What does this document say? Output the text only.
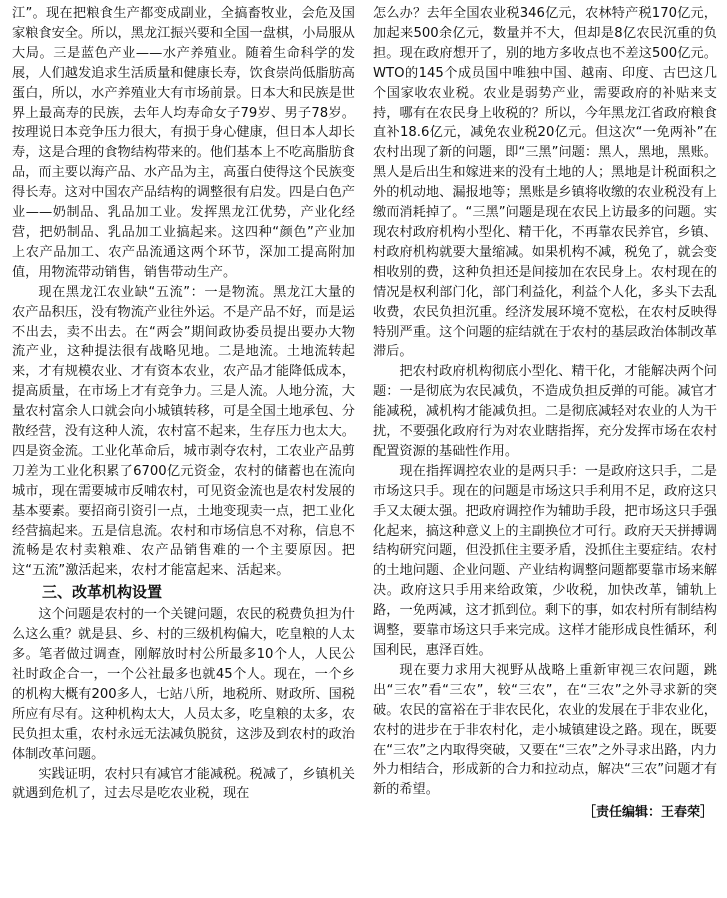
江”。现在把粮食生产都变成副业，全搞畜牧业，会危及国家粮食安全。所以，黑龙江振兴要和全国一盘棋，小局服从大局。三是蓝色产业——水产养殖业。随着生命科学的发展，人们越发追求生活质量和健康长寿，饮食崇尚低脂肪高蛋白，所以，水产养殖业大有市场前景。日本大和民族是世界上最高寿的民族，去年人均寿命女子79岁、男子78岁。按理说日本竞争压力很大，有损于身心健康，但日本人却长寿，这是合理的食物结构带来的。他们基本上不吃高脂肪食品，而主要以海产品、水产品为主，高蛋白使得这个民族变得长寿。这对中国农产品结构的调整很有启发。四是白色产业——奶制品、乳品加工业。发挥黑龙江优势，产业化经营，把奶制品、乳品加工业搞起来。这四种“颜色”产业加上农产品加工、农产品流通这两个环节，深加工提高附加值，用物流带动销售，销售带动生产。

现在黑龙江农业缺“五流”：一是物流。黑龙江大量的农产品积压，没有物流产业往外运。不是产品不好，而是运不出去，卖不出去。在“两会”期间政协委员提出要办大物流产业，这种提法很有战略见地。二是地流。土地流转起来，才有规模农业、才有资本农业，农产品才能降低成本，提高质量，在市场上才有竞争力。三是人流。人地分流，大量农村富余人口就会向小城镇转移，可是全国土地承包、分散经营，没有这种人流，农村富不起来，生存压力也太大。四是资金流。工业化革命后，城市剥夺农村，工农业产品剪刀差为工业化积累了6700亿元资金，农村的储蓄也在流向城市，现在需要城市反哺农村，可见资金流也是农村发展的基本要素。要招商引资引一点，土地变现卖一点，把工业化经营搞起来。五是信息流。农村和市场信息不对称，信息不流畅是农村卖粮难、农产品销售难的一个主要原因。把这“五流”激活起来，农村才能富起来、活起来。

三、改革机构设置

这个问题是农村的一个关键问题，农民的税费负担为什么这么重？就是县、乡、村的三级机构偏大，吃皇粮的人太多。笔者做过调查，刚解放时村公所最多10个人，人民公社时政企合一，一个公社最多也就45个人。现在，一个乡的机构大概有200多人，七站八所，地税所、财政所、国税所应有尽有。这种机构太大，人员太多，吃皇粮的太多，农民负担太重，农村永远无法减负脱贫，这涉及到农村的政治体制改革问题。

实践证明，农村只有减官才能减税。税减了，乡镇机关就遇到危机了，过去尽是吃农业税，现在

怎么办？去年全国农业税346亿元，农林特产税170亿元，加起来500余亿元，数量并不大，但却是8亿农民沉重的负担。现在政府想开了，别的地方多收点也不差这500亿元。WTO的145个成员国中唯独中国、越南、印度、古巴这几个国家收农业税。农业是弱势产业，需要政府的补贴来支持，哪有在农民身上收税的？所以，今年黑龙江省政府粮食直补18.6亿元，减免农业税20亿元。但这次“一免两补”在农村出现了新的问题，即“三黑”问题：黑人，黑地，黑账。黑人是后出生和嫁进来的没有土地的人；黑地是计税面积之外的机动地、漏报地等；黑账是乡镇将收缴的农业税没有上缴而消耗掉了。“三黑”问题是现在农民上访最多的问题。实现农村政府机构小型化、精干化，不再靠农民养官，乡镇、村政府机构就要大量缩减。如果机构不减，税免了，就会变相收别的费，这种负担还是间接加在农民身上。农村现在的情况是权利部门化，部门利益化，利益个人化，多头下去乱收费，农民负担沉重。经济发展环境不宽松，在农村反映得特别严重。这个问题的症结就在于农村的基层政治体制改革滞后。

把农村政府机构彻底小型化、精干化，才能解决两个问题：一是彻底为农民减负，不造成负担反弹的可能。减官才能减税，减机构才能减负担。二是彻底减轻对农业的人为干扰，不要强化政府行为对农业瞎指挥，充分发挥市场在农村配置资源的基础性作用。

现在指挥调控农业的是两只手：一是政府这只手，二是市场这只手。现在的问题是市场这只手利用不足，政府这只手又太硬太强。把政府调控作为辅助手段，把市场这只手强化起来，搞这种意义上的主副换位才可行。政府天天拼搏调结构研究问题，但没抓住主要矛盾，没抓住主要症结。农村的土地问题、企业问题、产业结构调整问题都要靠市场来解决。政府这只手用来给政策，少收税，加快改革，铺轨上路，一免两减，这才抓到位。剩下的事，如农村所有制结构调整，要靠市场这只手来完成。这样才能形成良性循环，利国利民，惠泽百姓。

现在要力求用大视野从战略上重新审视三农问题，跳出“三农”看“三农”，较“三农”，在“三农”之外寻求新的突破。农民的富裕在于非农民化，农业的发展在于非农业化，农村的进步在于非农村化，走小城镇建设之路。现在，既要在“三农”之内取得突破，又要在“三农”之外寻求出路，内力外力相结合，形成新的合力和拉动点，解决“三农”问题才有新的希望。

［责任编辑：王春荣］
